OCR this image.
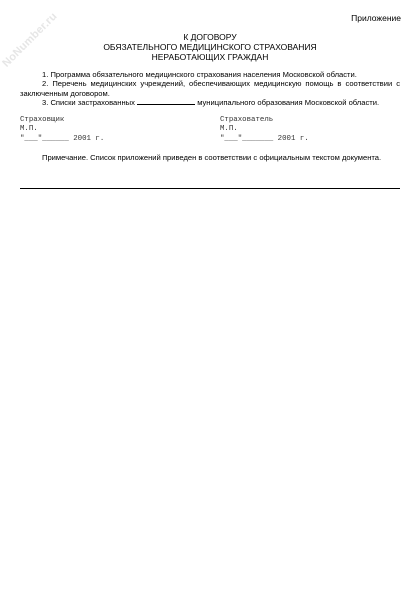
NoNumber.ru	Приложение
К ДОГОВОРУ
ОБЯЗАТЕЛЬНОГО МЕДИЦИНСКОГО СТРАХОВАНИЯ
НЕРАБОТАЮЩИХ ГРАЖДАН
1. Программа обязательного медицинского страхования населения Московской области.
2. Перечень медицинских учреждений, обеспечивающих медицинскую помощь в соответствии с заключенным договором.
3. Списки застрахованных	муниципального образования Московской области.
Страховщик
М.П.
"___"______ 2001 г.
Страхователь
М.П.
"___"_______ 2001 г.
Примечание. Список приложений приведен в соответствии с официальным текстом документа.
